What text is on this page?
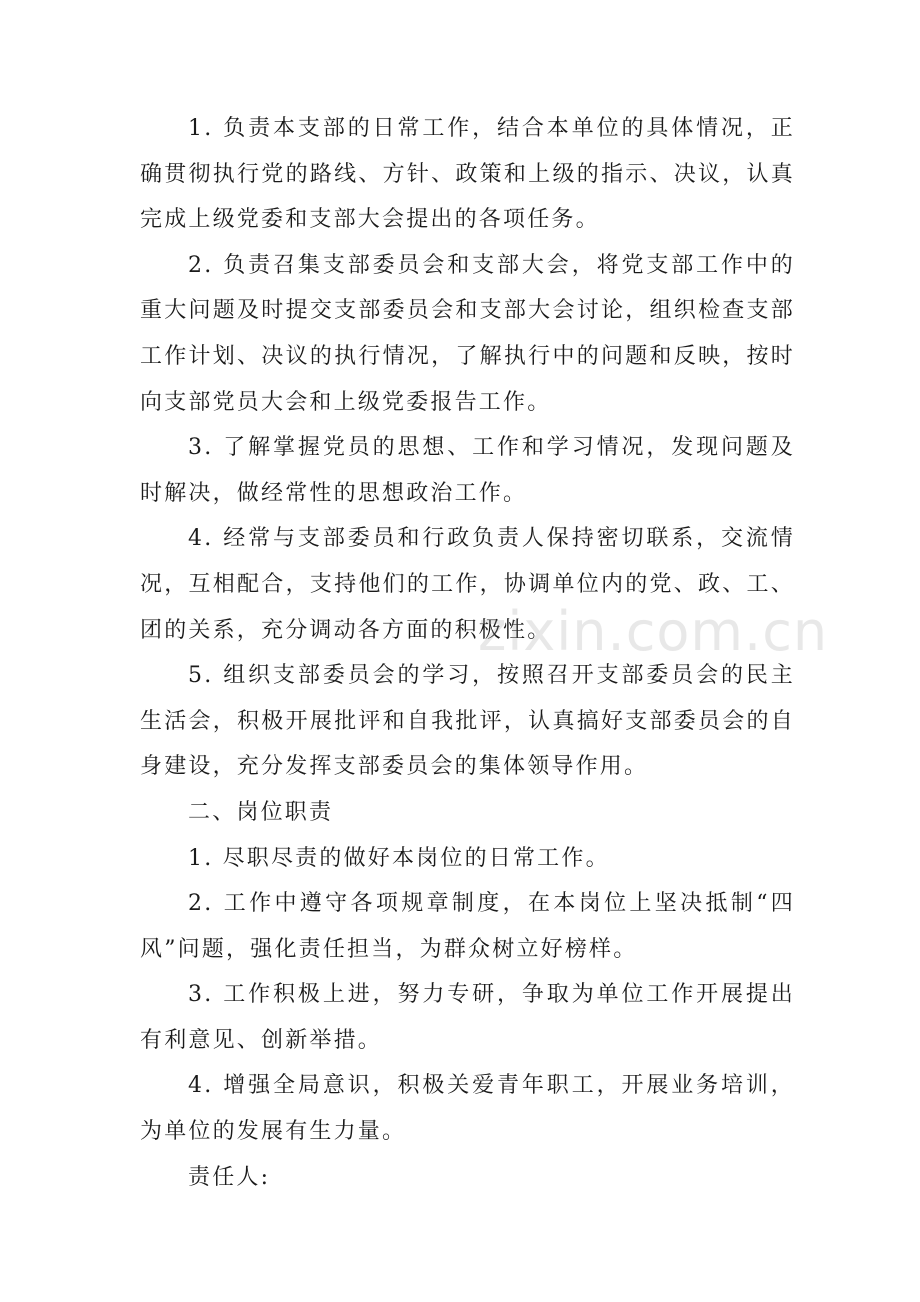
1. 负责本支部的日常工作，结合本单位的具体情况，正确贯彻执行党的路线、方针、政策和上级的指示、决议，认真完成上级党委和支部大会提出的各项任务。

2. 负责召集支部委员会和支部大会，将党支部工作中的重大问题及时提交支部委员会和支部大会讨论，组织检查支部工作计划、决议的执行情况，了解执行中的问题和反映，按时向支部党员大会和上级党委报告工作。

3. 了解掌握党员的思想、工作和学习情况，发现问题及时解决，做经常性的思想政治工作。

4. 经常与支部委员和行政负责人保持密切联系，交流情况，互相配合，支持他们的工作，协调单位内的党、政、工、团的关系，充分调动各方面的积极性。

5. 组织支部委员会的学习，按照召开支部委员会的民主生活会，积极开展批评和自我批评，认真搞好支部委员会的自身建设，充分发挥支部委员会的集体领导作用。

二、岗位职责

1. 尽职尽责的做好本岗位的日常工作。

2. 工作中遵守各项规章制度，在本岗位上坚决抵制“四风”问题，强化责任担当，为群众树立好榜样。

3. 工作积极上进，努力专研，争取为单位工作开展提出有利意见、创新举措。

4. 增强全局意识，积极关爱青年职工，开展业务培训，为单位的发展有生力量。

责任人:

zixin.com.cn
